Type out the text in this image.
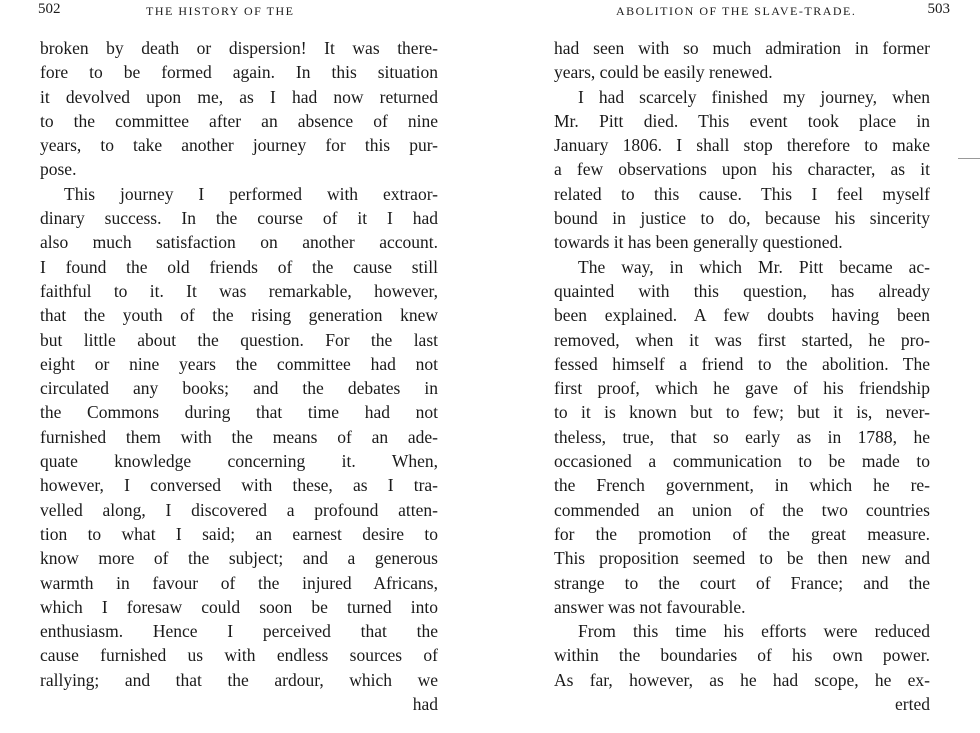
502	THE HISTORY OF THE
broken by death or dispersion! It was there-
fore to be formed again. In this situation
it devolved upon me, as I had now returned
to the committee after an absence of nine
years, to take another journey for this pur-
pose.
This journey I performed with extraor-
dinary success. In the course of it I had
also much satisfaction on another account.
I found the old friends of the cause still
faithful to it. It was remarkable, however,
that the youth of the rising generation knew
but little about the question. For the last
eight or nine years the committee had not
circulated any books; and the debates in
the Commons during that time had not
furnished them with the means of an ade-
quate knowledge concerning it. When,
however, I conversed with these, as I tra-
velled along, I discovered a profound atten-
tion to what I said; an earnest desire to
know more of the subject; and a generous
warmth in favour of the injured Africans,
which I foresaw could soon be turned into
enthusiasm. Hence I perceived that the
cause furnished us with endless sources of
rallying; and that the ardour, which we
had
ABOLITION OF THE SLAVE-TRADE.	503
had seen with so much admiration in former
years, could be easily renewed.
I had scarcely finished my journey, when
Mr. Pitt died. This event took place in
January 1806. I shall stop therefore to make
a few observations upon his character, as it
related to this cause. This I feel myself
bound in justice to do, because his sincerity
towards it has been generally questioned.
The way, in which Mr. Pitt became ac-
quainted with this question, has already
been explained. A few doubts having been
removed, when it was first started, he pro-
fessed himself a friend to the abolition. The
first proof, which he gave of his friendship
to it is known but to few; but it is, never-
theless, true, that so early as in 1788, he
occasioned a communication to be made to
the French government, in which he re-
commended an union of the two countries
for the promotion of the great measure.
This proposition seemed to be then new and
strange to the court of France; and the
answer was not favourable.
From this time his efforts were reduced
within the boundaries of his own power.
As far, however, as he had scope, he ex-
erted
